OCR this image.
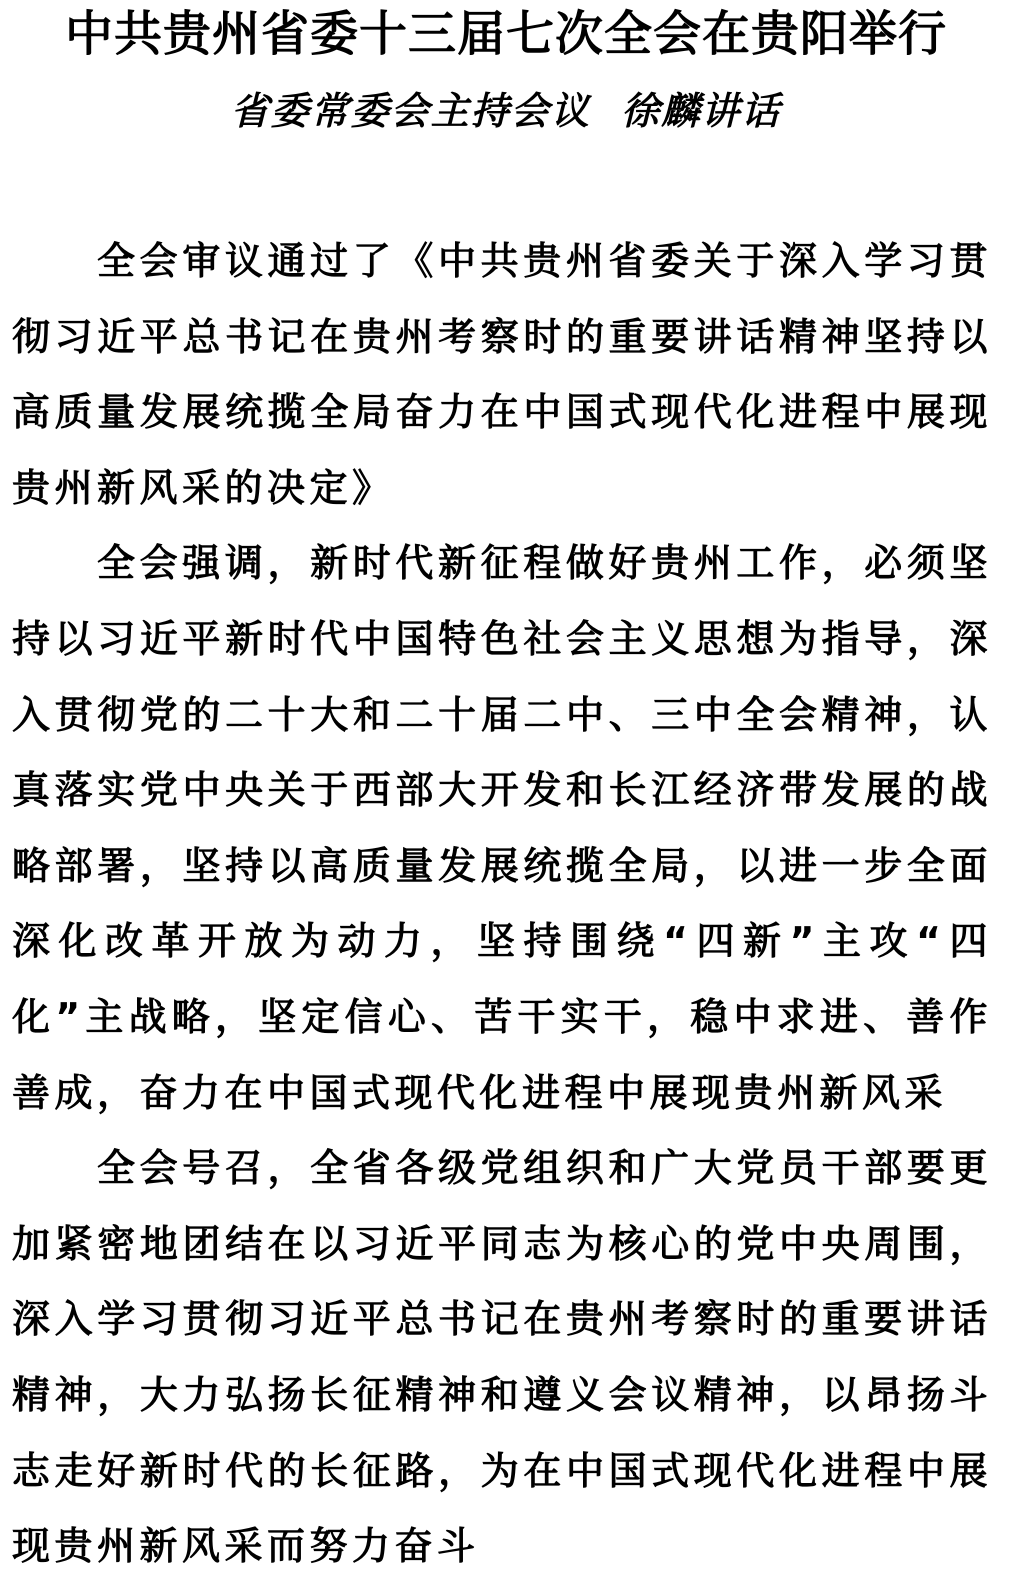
中共贵州省委十三届七次全会在贵阳举行
省委常委会主持会议  徐麟讲话

全会审议通过了《中共贵州省委关于深入学习贯彻习近平总书记在贵州考察时的重要讲话精神坚持以高质量发展统揽全局奋力在中国式现代化进程中展现贵州新风采的决定》

全会强调，新时代新征程做好贵州工作，必须坚持以习近平新时代中国特色社会主义思想为指导，深入贯彻党的二十大和二十届二中、三中全会精神，认真落实党中央关于西部大开发和长江经济带发展的战略部署，坚持以高质量发展统揽全局，以进一步全面深化改革开放为动力，坚持围绕“四新”主攻“四化”主战略，坚定信心、苦干实干，稳中求进、善作善成，奋力在中国式现代化进程中展现贵州新风采

全会号召，全省各级党组织和广大党员干部要更加紧密地团结在以习近平同志为核心的党中央周围，深入学习贯彻习近平总书记在贵州考察时的重要讲话精神，大力弘扬长征精神和遵义会议精神，以昂扬斗志走好新时代的长征路，为在中国式现代化进程中展现贵州新风采而努力奋斗
